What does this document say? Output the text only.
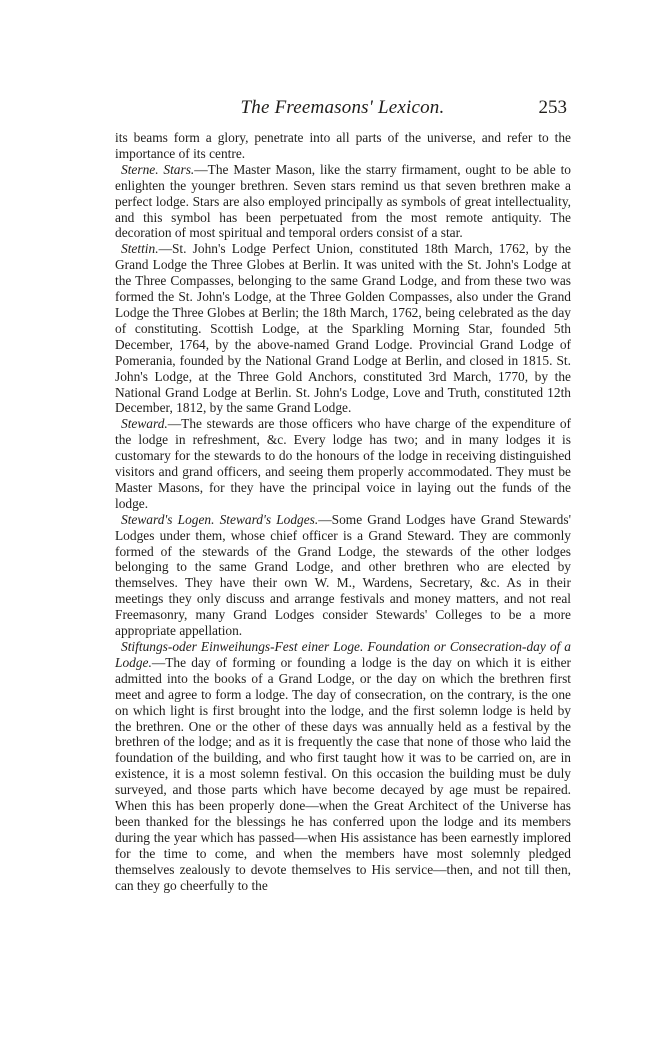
The Freemasons' Lexicon.	253

its beams form a glory, penetrate into all parts of the universe, and refer to the importance of its centre.

Sterne. Stars.—The Master Mason, like the starry firmament, ought to be able to enlighten the younger brethren. Seven stars remind us that seven brethren make a perfect lodge. Stars are also employed principally as symbols of great intellectuality, and this symbol has been perpetuated from the most remote antiquity. The decoration of most spiritual and temporal orders consist of a star.

Stettin.—St. John's Lodge Perfect Union, constituted 18th March, 1762, by the Grand Lodge the Three Globes at Berlin. It was united with the St. John's Lodge at the Three Compasses, belonging to the same Grand Lodge, and from these two was formed the St. John's Lodge, at the Three Golden Compasses, also under the Grand Lodge the Three Globes at Berlin; the 18th March, 1762, being celebrated as the day of constituting. Scottish Lodge, at the Sparkling Morning Star, founded 5th December, 1764, by the above-named Grand Lodge. Provincial Grand Lodge of Pomerania, founded by the National Grand Lodge at Berlin, and closed in 1815. St. John's Lodge, at the Three Gold Anchors, constituted 3rd March, 1770, by the National Grand Lodge at Berlin. St. John's Lodge, Love and Truth, constituted 12th December, 1812, by the same Grand Lodge.

Steward.—The stewards are those officers who have charge of the expenditure of the lodge in refreshment, &c. Every lodge has two; and in many lodges it is customary for the stewards to do the honours of the lodge in receiving distinguished visitors and grand officers, and seeing them properly accommodated. They must be Master Masons, for they have the principal voice in laying out the funds of the lodge.

Steward's Logen. Steward's Lodges.—Some Grand Lodges have Grand Stewards' Lodges under them, whose chief officer is a Grand Steward. They are commonly formed of the stewards of the Grand Lodge, the stewards of the other lodges belonging to the same Grand Lodge, and other brethren who are elected by themselves. They have their own W. M., Wardens, Secretary, &c. As in their meetings they only discuss and arrange festivals and money matters, and not real Freemasonry, many Grand Lodges consider Stewards' Colleges to be a more appropriate appellation.

Stiftungs-oder Einweihungs-Fest einer Loge. Foundation or Consecration-day of a Lodge.—The day of forming or founding a lodge is the day on which it is either admitted into the books of a Grand Lodge, or the day on which the brethren first meet and agree to form a lodge. The day of consecration, on the contrary, is the one on which light is first brought into the lodge, and the first solemn lodge is held by the brethren. One or the other of these days was annually held as a festival by the brethren of the lodge; and as it is frequently the case that none of those who laid the foundation of the building, and who first taught how it was to be carried on, are in existence, it is a most solemn festival. On this occasion the building must be duly surveyed, and those parts which have become decayed by age must be repaired. When this has been properly done—when the Great Architect of the Universe has been thanked for the blessings he has conferred upon the lodge and its members during the year which has passed—when His assistance has been earnestly implored for the time to come, and when the members have most solemnly pledged themselves zealously to devote themselves to His service—then, and not till then, can they go cheerfully to the
